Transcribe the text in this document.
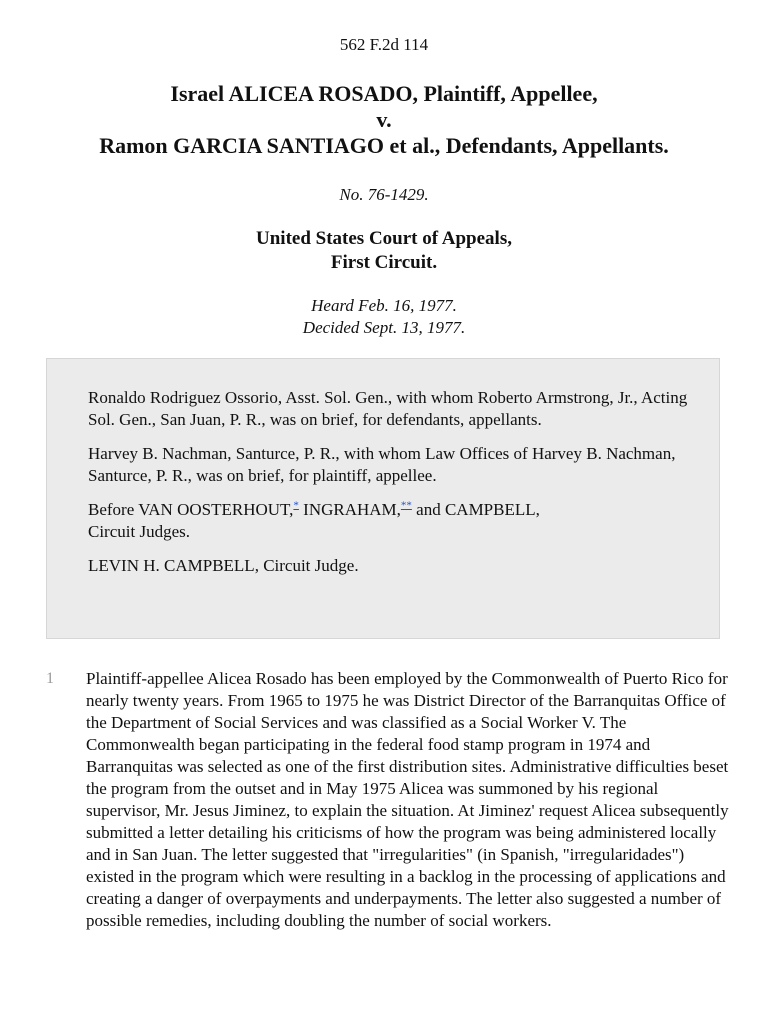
562 F.2d 114
Israel ALICEA ROSADO, Plaintiff, Appellee,
v.
Ramon GARCIA SANTIAGO et al., Defendants, Appellants.
No. 76-1429.
United States Court of Appeals,
First Circuit.
Heard Feb. 16, 1977.
Decided Sept. 13, 1977.

Ronaldo Rodriguez Ossorio, Asst. Sol. Gen., with whom Roberto Armstrong, Jr., Acting Sol. Gen., San Juan, P. R., was on brief, for defendants, appellants.

Harvey B. Nachman, Santurce, P. R., with whom Law Offices of Harvey B. Nachman, Santurce, P. R., was on brief, for plaintiff, appellee.

Before VAN OOSTERHOUT,* INGRAHAM,** and CAMPBELL,
Circuit Judges.

LEVIN H. CAMPBELL, Circuit Judge.

1 Plaintiff-appellee Alicea Rosado has been employed by the Commonwealth of Puerto Rico for nearly twenty years. From 1965 to 1975 he was District Director of the Barranquitas Office of the Department of Social Services and was classified as a Social Worker V. The Commonwealth began participating in the federal food stamp program in 1974 and Barranquitas was selected as one of the first distribution sites. Administrative difficulties beset the program from the outset and in May 1975 Alicea was summoned by his regional supervisor, Mr. Jesus Jiminez, to explain the situation. At Jiminez' request Alicea subsequently submitted a letter detailing his criticisms of how the program was being administered locally and in San Juan. The letter suggested that "irregularities" (in Spanish, "irregularidades") existed in the program which were resulting in a backlog in the processing of applications and creating a danger of overpayments and underpayments. The letter also suggested a number of possible remedies, including doubling the number of social workers.
